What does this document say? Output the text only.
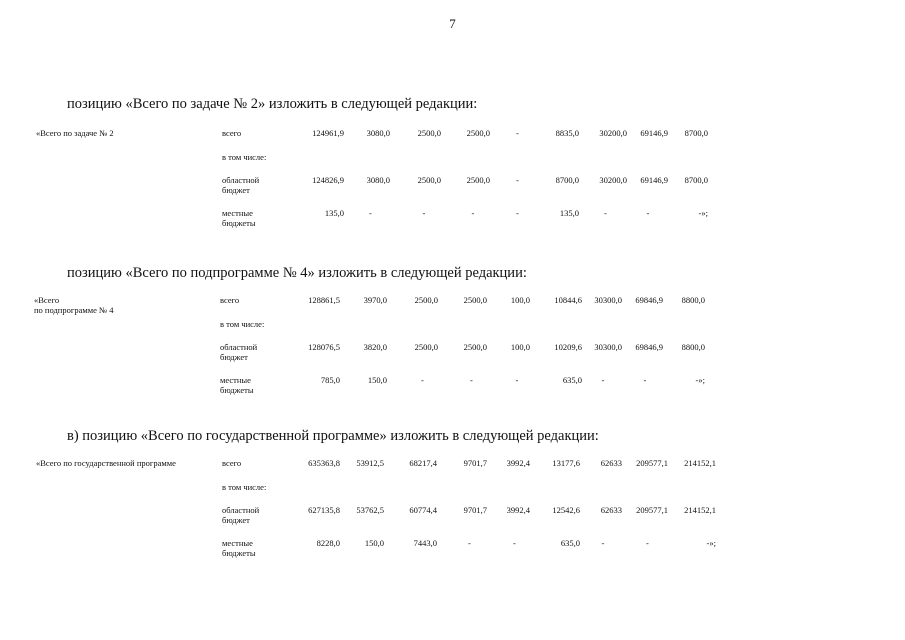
7
позицию «Всего по задаче № 2» изложить в следующей редакции:
«Всего по задаче № 2	всего	124961,9	3080,0	2500,0	2500,0	-	8835,0 30200,0 69146,9 8700,0
в том числе:
областной
бюджет
124826,9	3080,0	2500,0	2500,0	-	8700,0 30200,0 69146,9 8700,0
местные
бюджеты
135,0	-	-	-	-	135,0	-	-	-»;
позицию «Всего по подпрограмме № 4» изложить в следующей редакции:
«Всего
по подпрограмме № 4
всего	128861,5	3970,0	2500,0	2500,0	100,0	10844,6 30300,0 69846,9 8800,0
в том числе:
областной
бюджет
128076,5	3820,0	2500,0	2500,0	100,0	10209,6 30300,0 69846,9 8800,0
местные
бюджеты
785,0	150,0	-	-	-	635,0 -	-	-»;
в) позицию «Всего по государственной программе» изложить в следующей редакции:
«Всего по государственной программе	всего	635363,8 53912,5	68217,4	9701,7 3992,4	13177,6 62633 209577,1 214152,1
в том числе:
областной
бюджет
627135,8 53762,5	60774,4	9701,7 3992,4	12542,6 62633 209577,1 214152,1
местные
бюджеты
8228,0	150,0	7443,0	-	-	635,0	-	-	-»;
